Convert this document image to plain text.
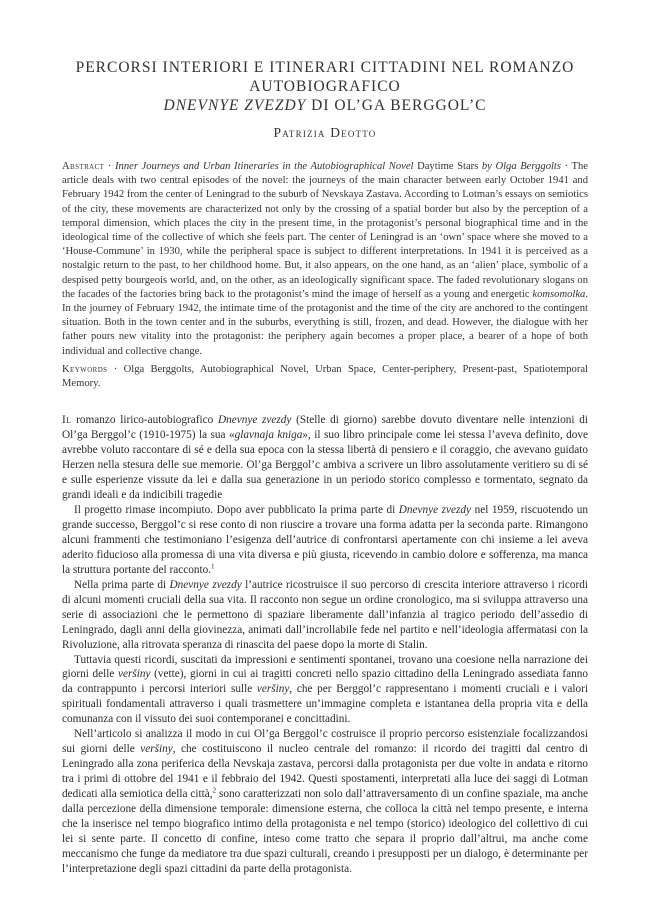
PERCORSI INTERIORI E ITINERARI CITTADINI NEL ROMANZO
AUTOBIOGRAFICO
DNEVNYE ZVEZDY DI OL’GA BERGGOL’C
Patrizia Deotto
Abstract · Inner Journeys and Urban Itineraries in the Autobiographical Novel Daytime Stars by Olga Berggolts · The article deals with two central episodes of the novel: the journeys of the main character between early October 1941 and February 1942 from the center of Leningrad to the suburb of Nevskaya Zastava. According to Lotman’s essays on semiotics of the city, these movements are characterized not only by the crossing of a spatial border but also by the perception of a temporal dimension, which places the city in the present time, in the protagonist’s personal biographical time and in the ideological time of the collective of which she feels part. The center of Leningrad is an ‘own’ space where she moved to a ‘House-Commune’ in 1930, while the peripheral space is subject to different interpretations. In 1941 it is perceived as a nostalgic return to the past, to her childhood home. But, it also appears, on the one hand, as an ‘alien’ place, symbolic of a despised petty bourgeois world, and, on the other, as an ideologically significant space. The faded revolutionary slogans on the facades of the factories bring back to the protagonist’s mind the image of herself as a young and energetic komsomolka. In the journey of February 1942, the intimate time of the protagonist and the time of the city are anchored to the contingent situation. Both in the town center and in the suburbs, everything is still, frozen, and dead. However, the dialogue with her father pours new vitality into the protagonist: the periphery again becomes a proper place, a bearer of a hope of both individual and collective change.
Keywords · Olga Berggolts, Autobiographical Novel, Urban Space, Center-periphery, Present-past, Spatiotemporal Memory.

Il romanzo lirico-autobiografico Dnevnye zvezdy (Stelle di giorno) sarebbe dovuto diventare nelle intenzioni di Ol’ga Berggol’c (1910-1975) la sua «glavnaja kniga», il suo libro principale come lei stessa l’aveva definito, dove avrebbe voluto raccontare di sé e della sua epoca con la stessa libertà di pensiero e il coraggio, che avevano guidato Herzen nella stesura delle sue memorie. Ol’ga Berggol’c ambiva a scrivere un libro assolutamente veritiero su di sé e sulle esperienze vissute da lei e dalla sua generazione in un periodo storico complesso e tormentato, segnato da grandi ideali e da indicibili tragedie

Il progetto rimase incompiuto. Dopo aver pubblicato la prima parte di Dnevnye zvezdy nel 1959, riscuotendo un grande successo, Berggol’c si rese conto di non riuscire a trovare una forma adatta per la seconda parte. Rimangono alcuni frammenti che testimoniano l’esigenza dell’autrice di confrontarsi apertamente con chi insieme a lei aveva aderito fiducioso alla promessa di una vita diversa e più giusta, ricevendo in cambio dolore e sofferenza, ma manca la struttura portante del racconto.$^1$

Nella prima parte di Dnevnye zvezdy l’autrice ricostruisce il suo percorso di crescita interiore attraverso i ricordi di alcuni momenti cruciali della sua vita. Il racconto non segue un ordine cronologico, ma si sviluppa attraverso una serie di associazioni che le permettono di spaziare liberamente dall’infanzia al tragico periodo dell’assedio di Leningrado, dagli anni della giovinezza, animati dall’incrollabile fede nel partito e nell’ideologia affermatasi con la Rivoluzione, alla ritrovata speranza di rinascita del paese dopo la morte di Stalin.

Tuttavia questi ricordi, suscitati da impressioni e sentimenti spontanei, trovano una coesione nella narrazione dei giorni delle veršiny (vette), giorni in cui ai tragitti concreti nello spazio cittadino della Leningrado assediata fanno da contrappunto i percorsi interiori sulle veršiny, che per Berggol’c rappresentano i momenti cruciali e i valori spirituali fondamentali attraverso i quali trasmettere un’immagine completa e istantanea della propria vita e della comunanza con il vissuto dei suoi contemporanei e concittadini.

Nell’articolo si analizza il modo in cui Ol’ga Berggol’c costruisce il proprio percorso esistenziale focalizzandosi sui giorni delle veršiny, che costituiscono il nucleo centrale del romanzo: il ricordo dei tragitti dal centro di Leningrado alla zona periferica della Nevskaja zastava, percorsi dalla protagonista per due volte in andata e ritorno tra i primi di ottobre del 1941 e il febbraio del 1942. Questi spostamenti, interpretati alla luce dei saggi di Lotman dedicati alla semiotica della città,$^2$ sono caratterizzati non solo dall’attraversamento di un confine spaziale, ma anche dalla percezione della dimensione temporale: dimensione esterna, che colloca la città nel tempo presente, e interna che la inserisce nel tempo biografico intimo della protagonista e nel tempo (storico) ideologico del collettivo di cui lei si sente parte. Il concetto di confine, inteso come tratto che separa il proprio dall’altrui, ma anche come meccanismo che funge da mediatore tra due spazi culturali, creando i presupposti per un dialogo, è determinante per l’interpretazione degli spazi cittadini da parte della protagonista.
